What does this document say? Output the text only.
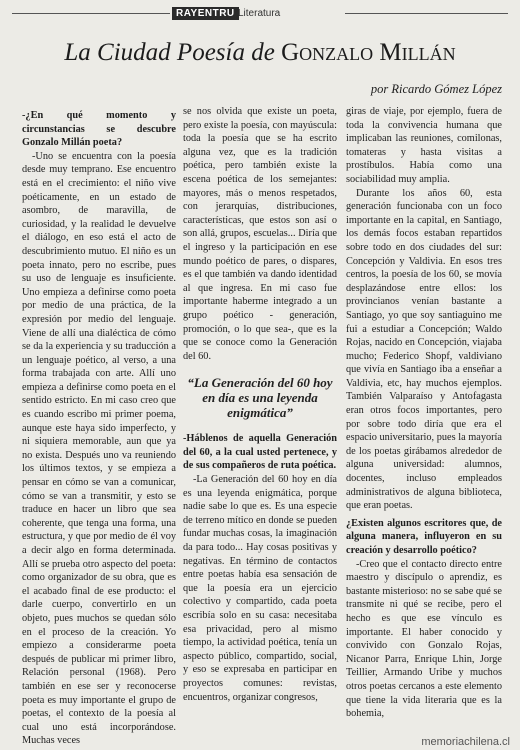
RAYENTRU Literatura
La Ciudad Poesía de Gonzalo Millán
por Ricardo Gómez López

-¿En qué momento y circunstancias se descubre Gonzalo Millán poeta?

-Uno se encuentra con la poesía desde muy temprano. Ese encuentro está en el crecimiento: el niño vive poéticamente, en un estado de asombro, de maravilla, de curiosidad, y la realidad le devuelve el diálogo, en eso está el acto de descubrimiento mutuo. El niño es un poeta innato, pero no escribe, pues su uso de lenguaje es insuficiente. Uno empieza a definirse como poeta por medio de una práctica, de la expresión por medio del lenguaje. Viene de allí una dialéctica de cómo se da la experiencia y su traducción a un lenguaje poético, al verso, a una forma trabajada con arte. Allí uno empieza a definirse como poeta en el sentido estricto. En mi caso creo que es cuando escribo mi primer poema, aunque este haya sido imperfecto, y ni siquiera memorable, aun que ya no exista. Después uno va reuniendo los últimos textos, y se empieza a pensar en cómo se van a comunicar, cómo se van a transmitir, y esto se traduce en hacer un libro que sea coherente, que tenga una forma, una estructura, y que por medio de él voy a decir algo en forma determinada. Allí se prueba otro aspecto del poeta: como organizador de su obra, que es el acabado final de ese producto: el darle cuerpo, convertirlo en un objeto, pues muchos se quedan sólo en el proceso de la creación. Yo empiezo a considerarme poeta después de publicar mi primer libro, Relación personal (1968). Pero también en ese ser y reconocerse poeta es muy importante el grupo de poetas, el contexto de la poesía al cual uno está incorporándose. Muchas veces

se nos olvida que existe un poeta, pero existe la poesía, con mayúscula: toda la poesía que se ha escrito alguna vez, que es la tradición poética, pero también existe la escena poética de los semejantes: mayores, más o menos respetados, con jerarquías, distribuciones, características, que estos son así o son allá, grupos, escuelas... Diría que el ingreso y la participación en ese mundo poético de pares, o dispares, es el que también va dando identidad al que ingresa. En mi caso fue importante haberme integrado a un grupo poético - generación, promoción, o lo que sea-, que es la que se conoce como la Generación del 60.

“La Generación del 60 hoy en día es una leyenda enigmática”

-Háblenos de aquella Generación del 60, a la cual usted pertenece, y de sus compañeros de ruta poética.

-La Generación del 60 hoy en día es una leyenda enigmática, porque nadie sabe lo que es. Es una especie de terreno mítico en donde se pueden fundar muchas cosas, la imaginación da para todo... Hay cosas positivas y negativas. En término de contactos entre poetas había esa sensación de que la poesía era un ejercicio colectivo y compartido, cada poeta escribía solo en su casa: necesitaba esa privacidad, pero al mismo tiempo, la actividad poética, tenía un aspecto público, compartido, social, y eso se expresaba en participar en proyectos comunes: revistas, encuentros, organizar congresos,

giras de viaje, por ejemplo, fuera de toda la convivencia humana que implicaban las reuniones, comilonas, tomateras y hasta visitas a prostíbulos. Había como una sociabilidad muy amplia.

Durante los años 60, esta generación funcionaba con un foco importante en la capital, en Santiago, los demás focos estaban repartidos sobre todo en dos ciudades del sur: Concepción y Valdivia. En esos tres centros, la poesía de los 60, se movía desplazándose entre ellos: los provincianos venían bastante a Santiago, yo que soy santiaguino me fui a estudiar a Concepción; Waldo Rojas, nacido en Concepción, viajaba mucho; Federico Shopf, valdiviano que vivía en Santiago iba a enseñar a Valdivia, etc, hay muchos ejemplos. También Valparaíso y Antofagasta eran otros focos importantes, pero por sobre todo diría que era el espacio universitario, pues la mayoría de los poetas girábamos alrededor de alguna universidad: alumnos, docentes, incluso empleados administrativos de alguna biblioteca, que eran poetas.

¿Existen algunos escritores que, de alguna manera, influyeron en su creación y desarrollo poético?

-Creo que el contacto directo entre maestro y discípulo o aprendiz, es bastante misterioso: no se sabe qué se transmite ni qué se recibe, pero el hecho es que ese vínculo es importante. El haber conocido y convivido con Gonzalo Rojas, Nicanor Parra, Enrique Lhin, Jorge Teillier, Armando Uribe y muchos otros poetas cercanos a este elemento que tiene la vida literaria que es la bohemia,

memoriachilena.cl
